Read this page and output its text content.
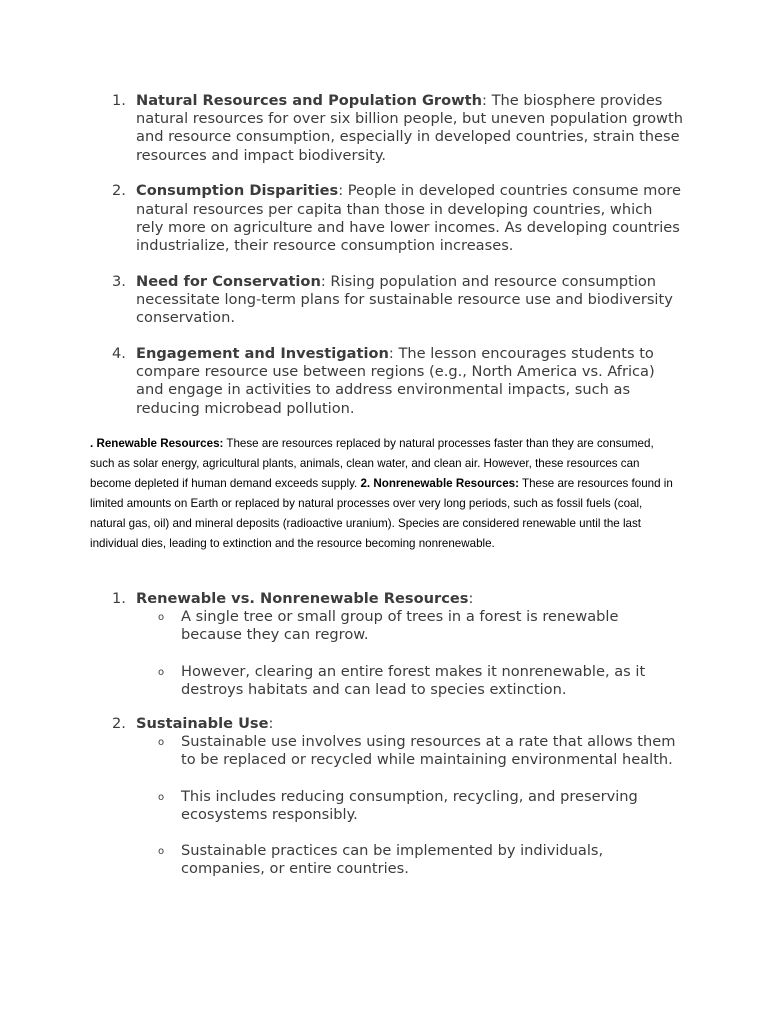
1. Natural Resources and Population Growth: The biosphere provides natural resources for over six billion people, but uneven population growth and resource consumption, especially in developed countries, strain these resources and impact biodiversity.
2. Consumption Disparities: People in developed countries consume more natural resources per capita than those in developing countries, which rely more on agriculture and have lower incomes. As developing countries industrialize, their resource consumption increases.
3. Need for Conservation: Rising population and resource consumption necessitate long-term plans for sustainable resource use and biodiversity conservation.
4. Engagement and Investigation: The lesson encourages students to compare resource use between regions (e.g., North America vs. Africa) and engage in activities to address environmental impacts, such as reducing microbead pollution.

. Renewable Resources: These are resources replaced by natural processes faster than they are consumed, such as solar energy, agricultural plants, animals, clean water, and clean air. However, these resources can become depleted if human demand exceeds supply. 2. Nonrenewable Resources: These are resources found in limited amounts on Earth or replaced by natural processes over very long periods, such as fossil fuels (coal, natural gas, oil) and mineral deposits (radioactive uranium). Species are considered renewable until the last individual dies, leading to extinction and the resource becoming nonrenewable.

1. Renewable vs. Nonrenewable Resources:
o A single tree or small group of trees in a forest is renewable because they can regrow.
o However, clearing an entire forest makes it nonrenewable, as it destroys habitats and can lead to species extinction.
2. Sustainable Use:
o Sustainable use involves using resources at a rate that allows them to be replaced or recycled while maintaining environmental health.
o This includes reducing consumption, recycling, and preserving ecosystems responsibly.
o Sustainable practices can be implemented by individuals, companies, or entire countries.
